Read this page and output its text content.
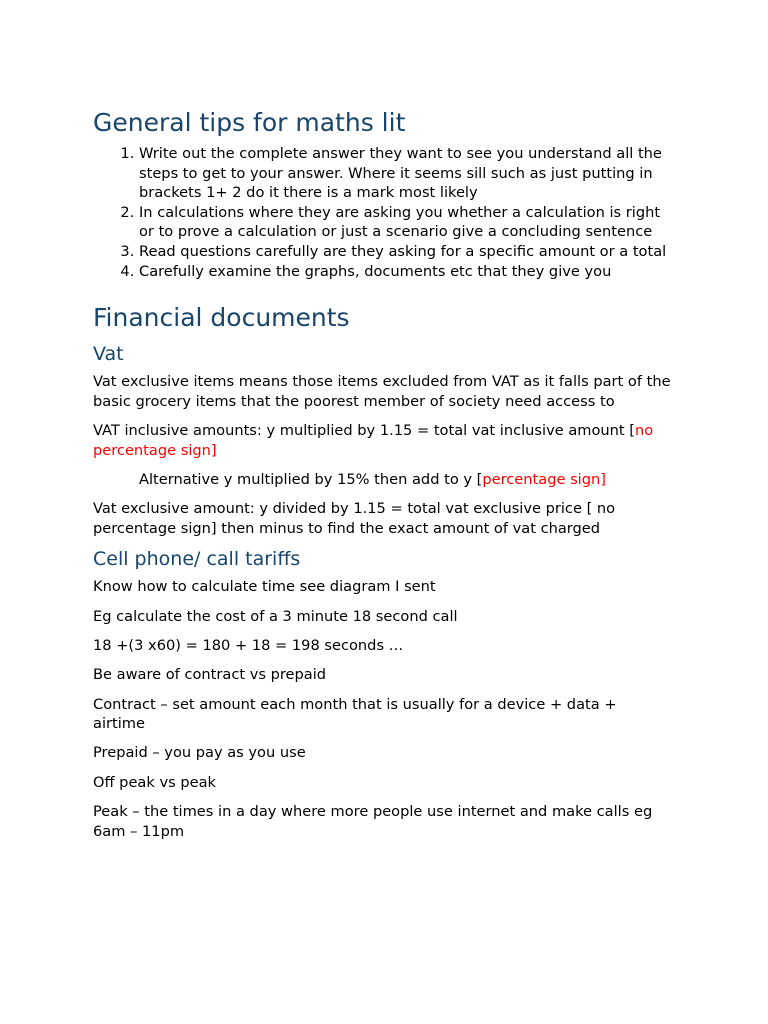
General tips for maths lit
1. Write out the complete answer they want to see you understand all the steps to get to your answer. Where it seems sill such as just putting in brackets 1+ 2 do it there is a mark most likely
2. In calculations where they are asking you whether a calculation is right or to prove a calculation or just a scenario give a concluding sentence
3. Read questions carefully are they asking for a specific amount or a total
4. Carefully examine the graphs, documents etc that they give you
Financial documents
Vat

Vat exclusive items means those items excluded from VAT as it falls part of the basic grocery items that the poorest member of society need access to

VAT inclusive amounts: y multiplied by 1.15 = total vat inclusive amount [no percentage sign]

Alternative y multiplied by 15% then add to y [percentage sign]

Vat exclusive amount: y divided by 1.15 = total vat exclusive price [ no percentage sign] then minus to find the exact amount of vat charged

Cell phone/ call tariffs

Know how to calculate time see diagram I sent

Eg calculate the cost of a 3 minute 18 second call

18 +(3 x60) = 180 + 18 = 198 seconds …

Be aware of contract vs prepaid

Contract – set amount each month that is usually for a device + data + airtime

Prepaid – you pay as you use

Off peak vs peak

Peak – the times in a day where more people use internet and make calls eg 6am – 11pm
